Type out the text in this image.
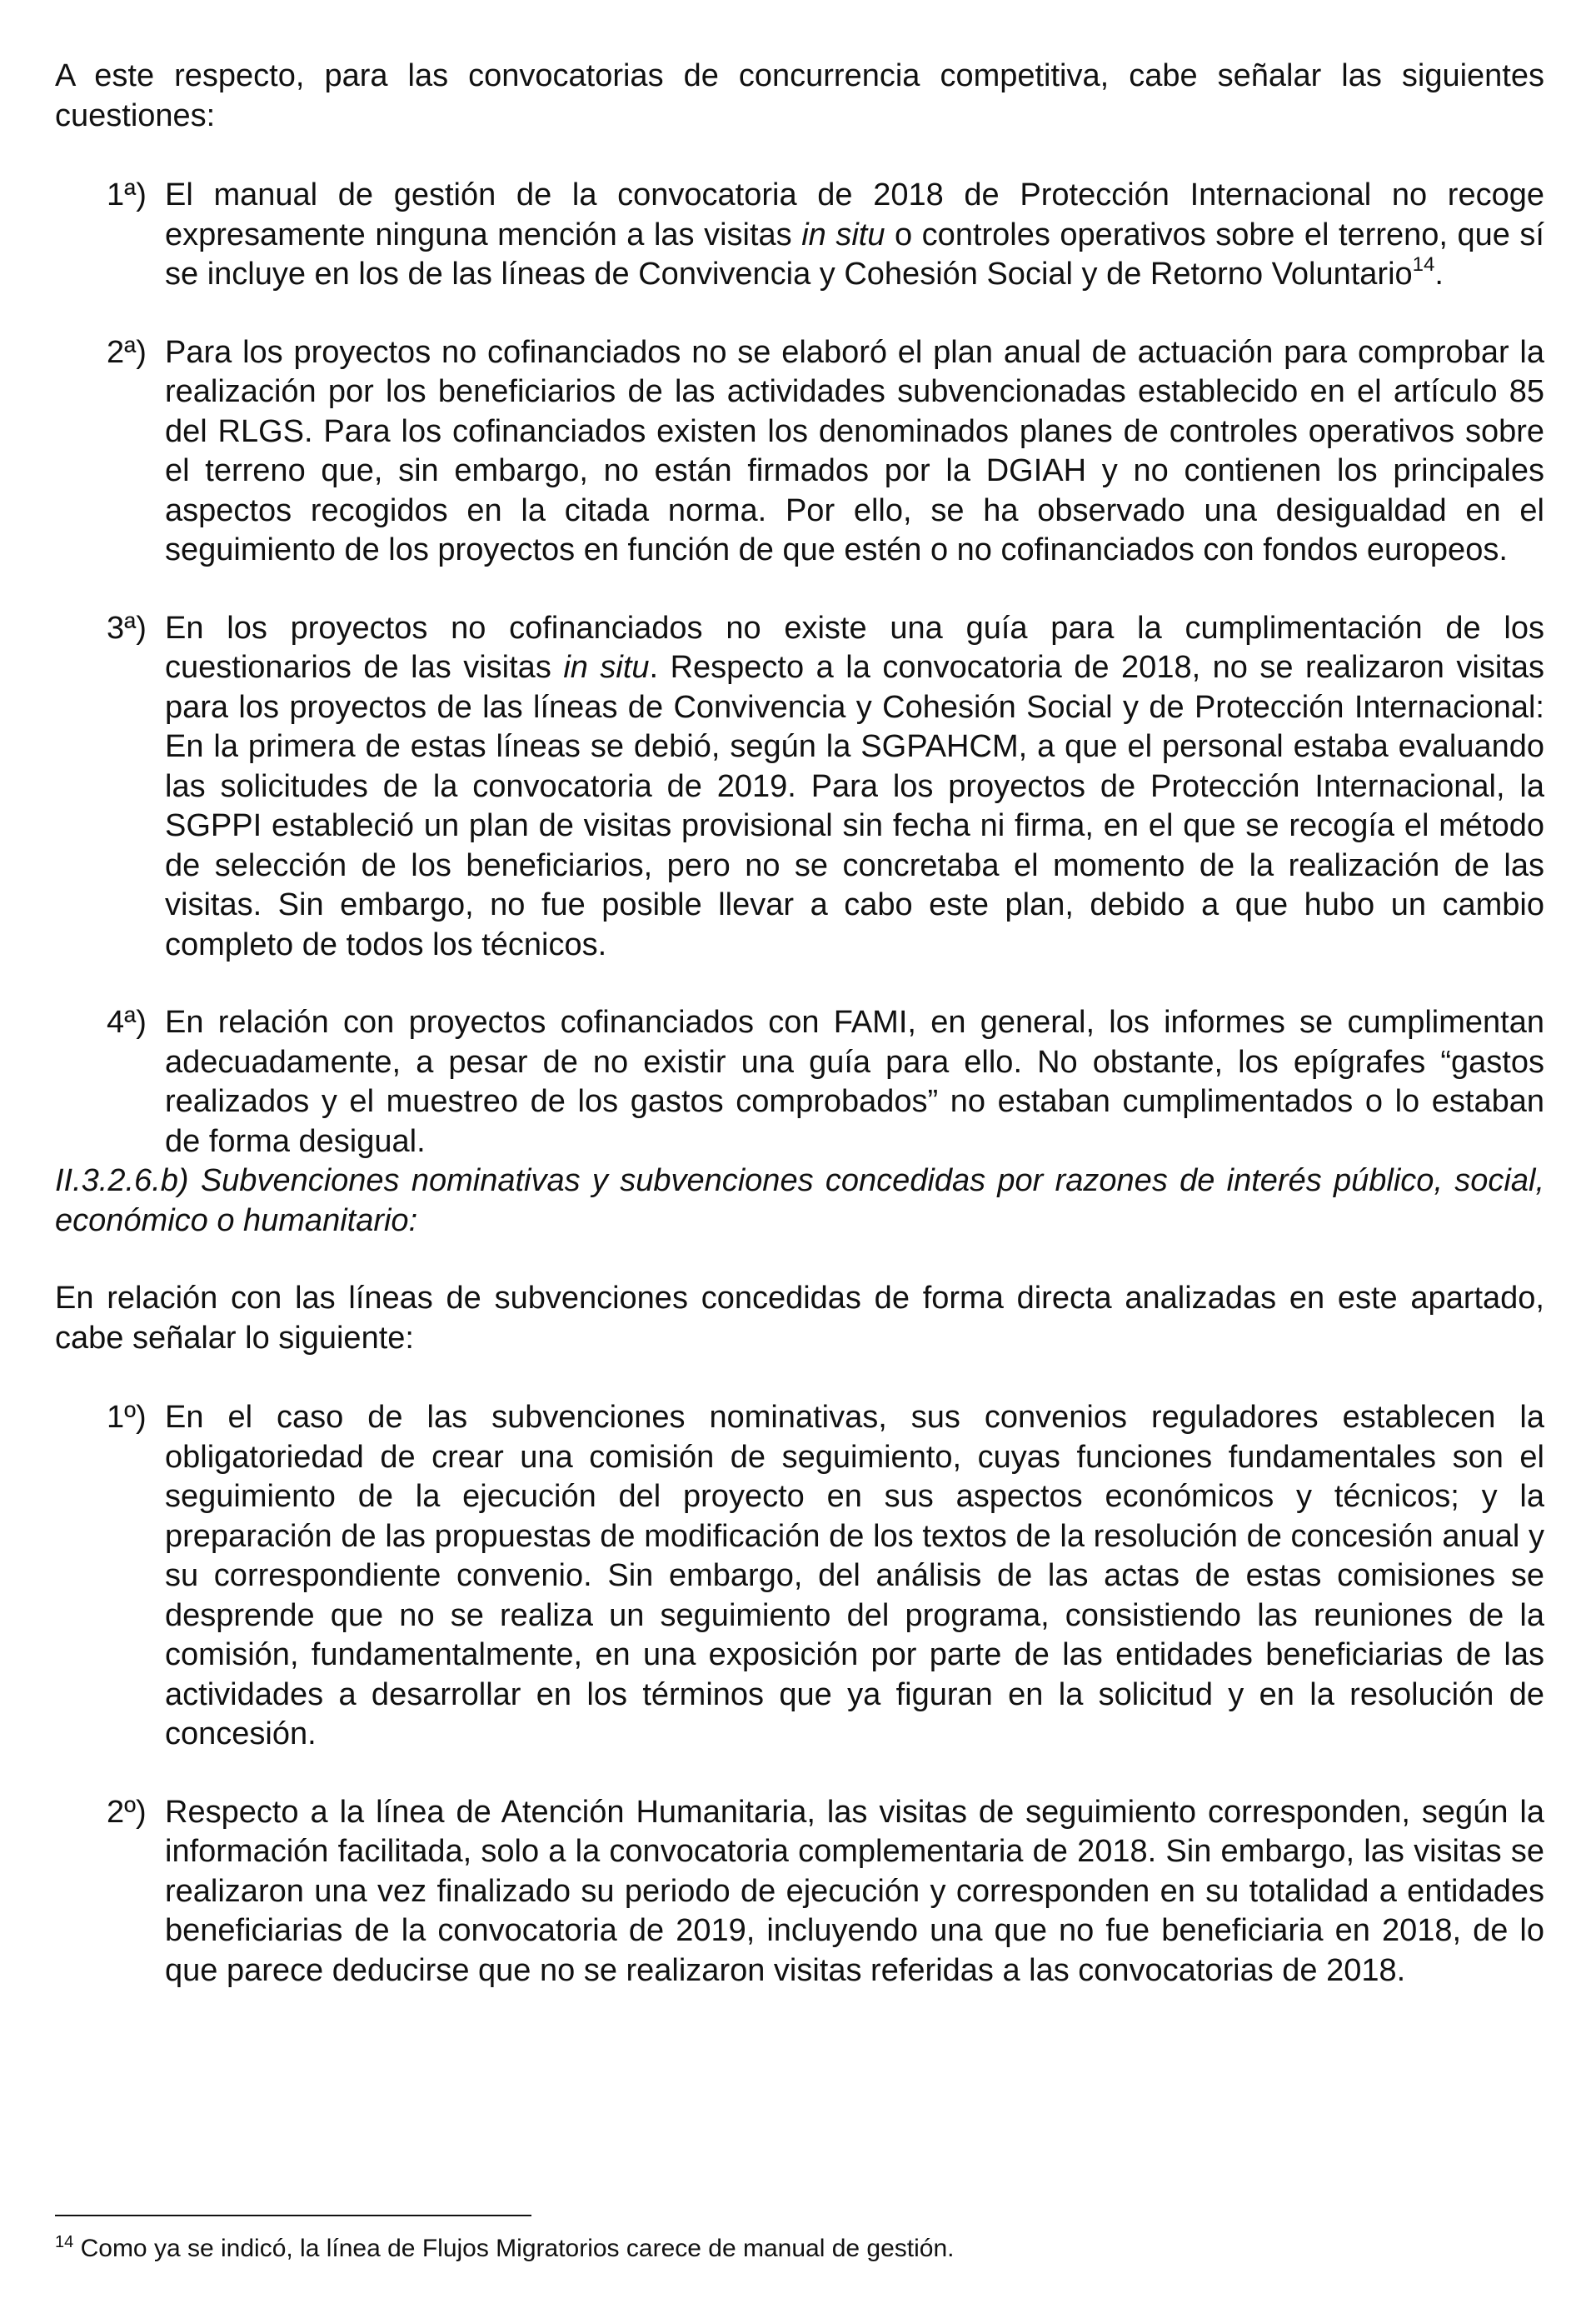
A este respecto, para las convocatorias de concurrencia competitiva, cabe señalar las siguientes cuestiones:

1ª) El manual de gestión de la convocatoria de 2018 de Protección Internacional no recoge expresamente ninguna mención a las visitas in situ o controles operativos sobre el terreno, que sí se incluye en los de las líneas de Convivencia y Cohesión Social y de Retorno Voluntario$^{14}$.
2ª) Para los proyectos no cofinanciados no se elaboró el plan anual de actuación para comprobar la realización por los beneficiarios de las actividades subvencionadas establecido en el artículo 85 del RLGS. Para los cofinanciados existen los denominados planes de controles operativos sobre el terreno que, sin embargo, no están firmados por la DGIAH y no contienen los principales aspectos recogidos en la citada norma. Por ello, se ha observado una desigualdad en el seguimiento de los proyectos en función de que estén o no cofinanciados con fondos europeos.
3ª) En los proyectos no cofinanciados no existe una guía para la cumplimentación de los cuestionarios de las visitas in situ. Respecto a la convocatoria de 2018, no se realizaron visitas para los proyectos de las líneas de Convivencia y Cohesión Social y de Protección Internacional: En la primera de estas líneas se debió, según la SGPAHCM, a que el personal estaba evaluando las solicitudes de la convocatoria de 2019. Para los proyectos de Protección Internacional, la SGPPI estableció un plan de visitas provisional sin fecha ni firma, en el que se recogía el método de selección de los beneficiarios, pero no se concretaba el momento de la realización de las visitas. Sin embargo, no fue posible llevar a cabo este plan, debido a que hubo un cambio completo de todos los técnicos.
4ª) En relación con proyectos cofinanciados con FAMI, en general, los informes se cumplimentan adecuadamente, a pesar de no existir una guía para ello. No obstante, los epígrafes “gastos realizados y el muestreo de los gastos comprobados” no estaban cumplimentados o lo estaban de forma desigual.

II.3.2.6.b) Subvenciones nominativas y subvenciones concedidas por razones de interés público, social, económico o humanitario:

En relación con las líneas de subvenciones concedidas de forma directa analizadas en este apartado, cabe señalar lo siguiente:

1º) En el caso de las subvenciones nominativas, sus convenios reguladores establecen la obligatoriedad de crear una comisión de seguimiento, cuyas funciones fundamentales son el seguimiento de la ejecución del proyecto en sus aspectos económicos y técnicos; y la preparación de las propuestas de modificación de los textos de la resolución de concesión anual y su correspondiente convenio. Sin embargo, del análisis de las actas de estas comisiones se desprende que no se realiza un seguimiento del programa, consistiendo las reuniones de la comisión, fundamentalmente, en una exposición por parte de las entidades beneficiarias de las actividades a desarrollar en los términos que ya figuran en la solicitud y en la resolución de concesión.
2º) Respecto a la línea de Atención Humanitaria, las visitas de seguimiento corresponden, según la información facilitada, solo a la convocatoria complementaria de 2018. Sin embargo, las visitas se realizaron una vez finalizado su periodo de ejecución y corresponden en su totalidad a entidades beneficiarias de la convocatoria de 2019, incluyendo una que no fue beneficiaria en 2018, de lo que parece deducirse que no se realizaron visitas referidas a las convocatorias de 2018.
$^{14}$ Como ya se indicó, la línea de Flujos Migratorios carece de manual de gestión.
